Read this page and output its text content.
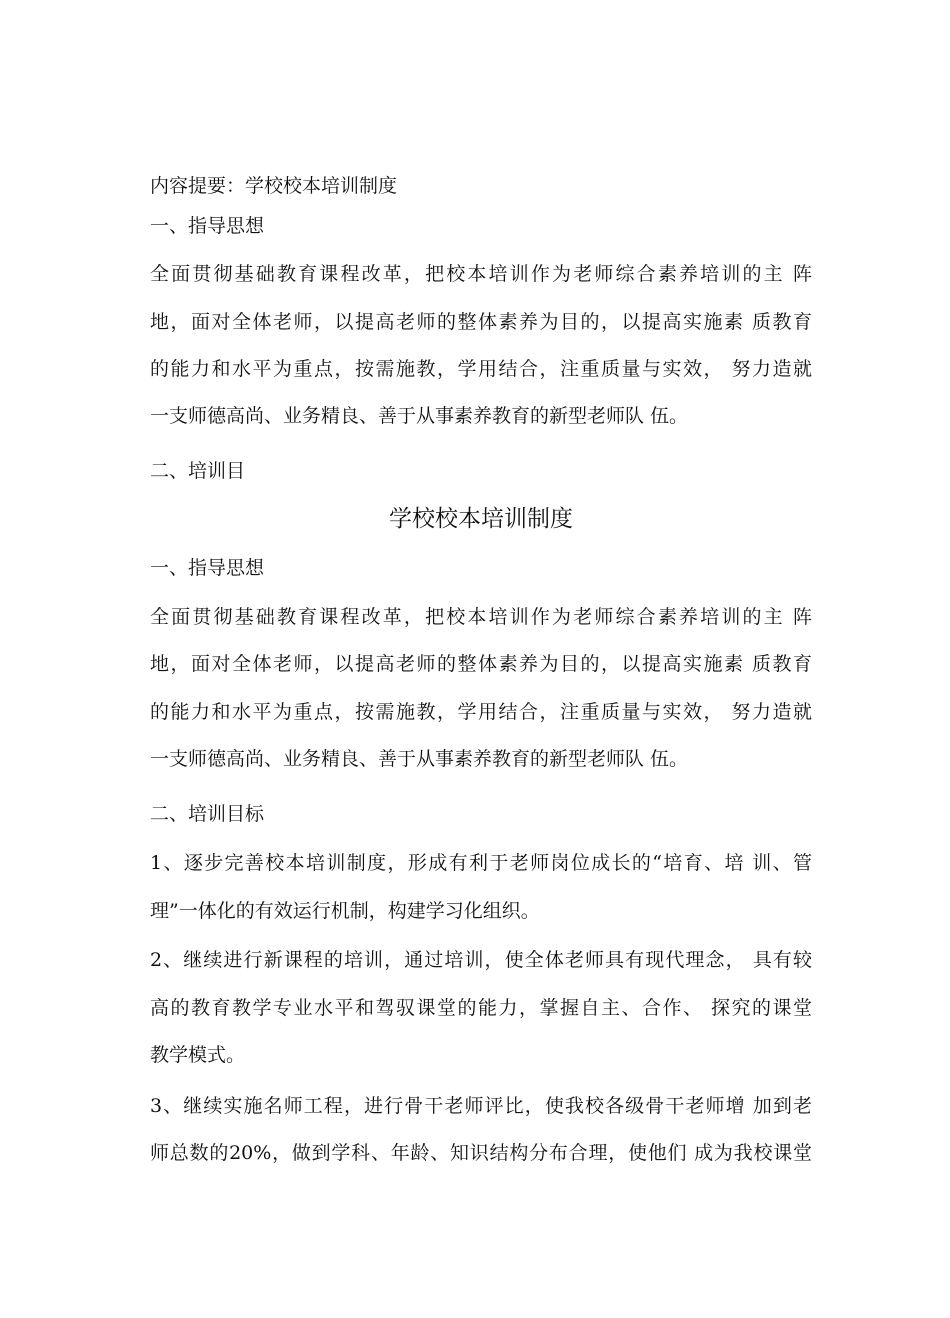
内容提要：学校校本培训制度
一、指导思想
全面贯彻基础教育课程改革，把校本培训作为老师综合素养培训的主 阵
地，面对全体老师，以提高老师的整体素养为目的，以提高实施素 质教育
的能力和水平为重点，按需施教，学用结合，注重质量与实效， 努力造就
一支师德高尚、业务精良、善于从事素养教育的新型老师队 伍。
二、培训目
学校校本培训制度
一、指导思想
全面贯彻基础教育课程改革，把校本培训作为老师综合素养培训的主 阵
地，面对全体老师，以提高老师的整体素养为目的，以提高实施素 质教育
的能力和水平为重点，按需施教，学用结合，注重质量与实效， 努力造就
一支师德高尚、业务精良、善于从事素养教育的新型老师队 伍。
二、培训目标
1、逐步完善校本培训制度，形成有利于老师岗位成长的“培育、培 训、管
理”一体化的有效运行机制，构建学习化组织。
2、继续进行新课程的培训，通过培训，使全体老师具有现代理念， 具有较
高的教育教学专业水平和驾驭课堂的能力，掌握自主、合作、 探究的课堂
教学模式。
3、继续实施名师工程，进行骨干老师评比，使我校各级骨干老师增 加到老
师总数的20%，做到学科、年龄、知识结构分布合理，使他们 成为我校课堂
